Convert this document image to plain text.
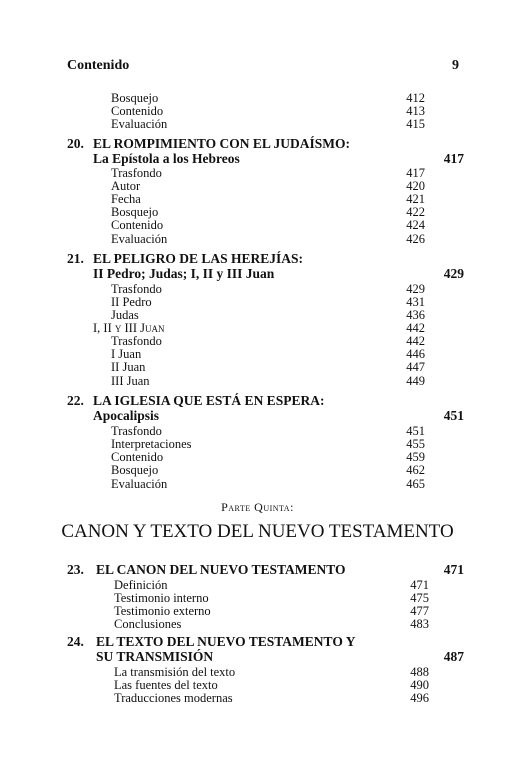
Contenido	9
Bosquejo	412
Contenido	413
Evaluación	415
20. EL ROMPIMIENTO CON EL JUDAÍSMO:
La Epístola a los Hebreos	417
Trasfondo	417
Autor	420
Fecha	421
Bosquejo	422
Contenido	424
Evaluación	426
21. EL PELIGRO DE LAS HEREJÍAS:
II Pedro; Judas; I, II y III Juan	429
Trasfondo	429
II Pedro	431
Judas	436
I, II y III Juan	442
Trasfondo	442
I Juan	446
II Juan	447
III Juan	449
22. LA IGLESIA QUE ESTÁ EN ESPERA:
Apocalipsis	451
Trasfondo	451
Interpretaciones	455
Contenido	459
Bosquejo	462
Evaluación	465
Parte Quinta:
CANON Y TEXTO DEL NUEVO TESTAMENTO
23. EL CANON DEL NUEVO TESTAMENTO	471
Definición	471
Testimonio interno	475
Testimonio externo	477
Conclusiones	483
24. EL TEXTO DEL NUEVO TESTAMENTO Y
SU TRANSMISIÓN	487
La transmisión del texto	488
Las fuentes del texto	490
Traducciones modernas	496
